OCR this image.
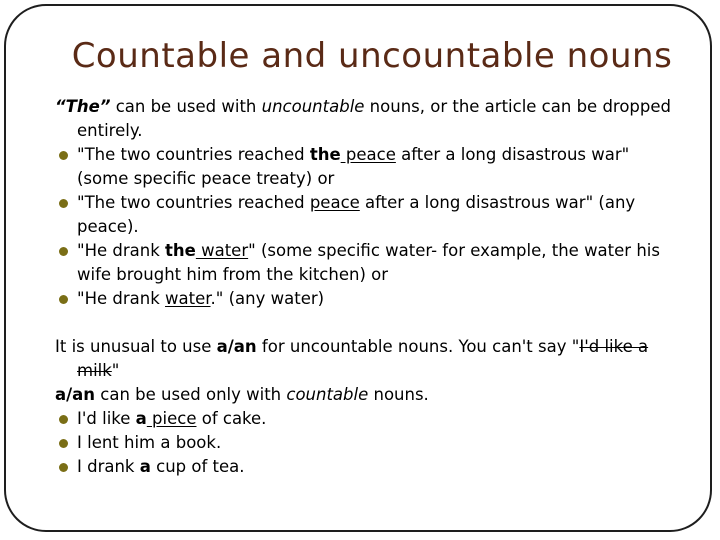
Countable and uncountable nouns

“The” can be used with uncountable nouns, or the article can be dropped entirely.

"The two countries reached the peace after a long disastrous war" (some specific peace treaty) or

"The two countries reached peace after a long disastrous war" (any peace).

"He drank the water" (some specific water- for example, the water his wife brought him from the kitchen) or

"He drank water." (any water)

It is unusual to use a/an for uncountable nouns. You can't say "I'd like a milk"

a/an can be used only with countable nouns.

I'd like a piece of cake.

I lent him a book.

I drank a cup of tea.
